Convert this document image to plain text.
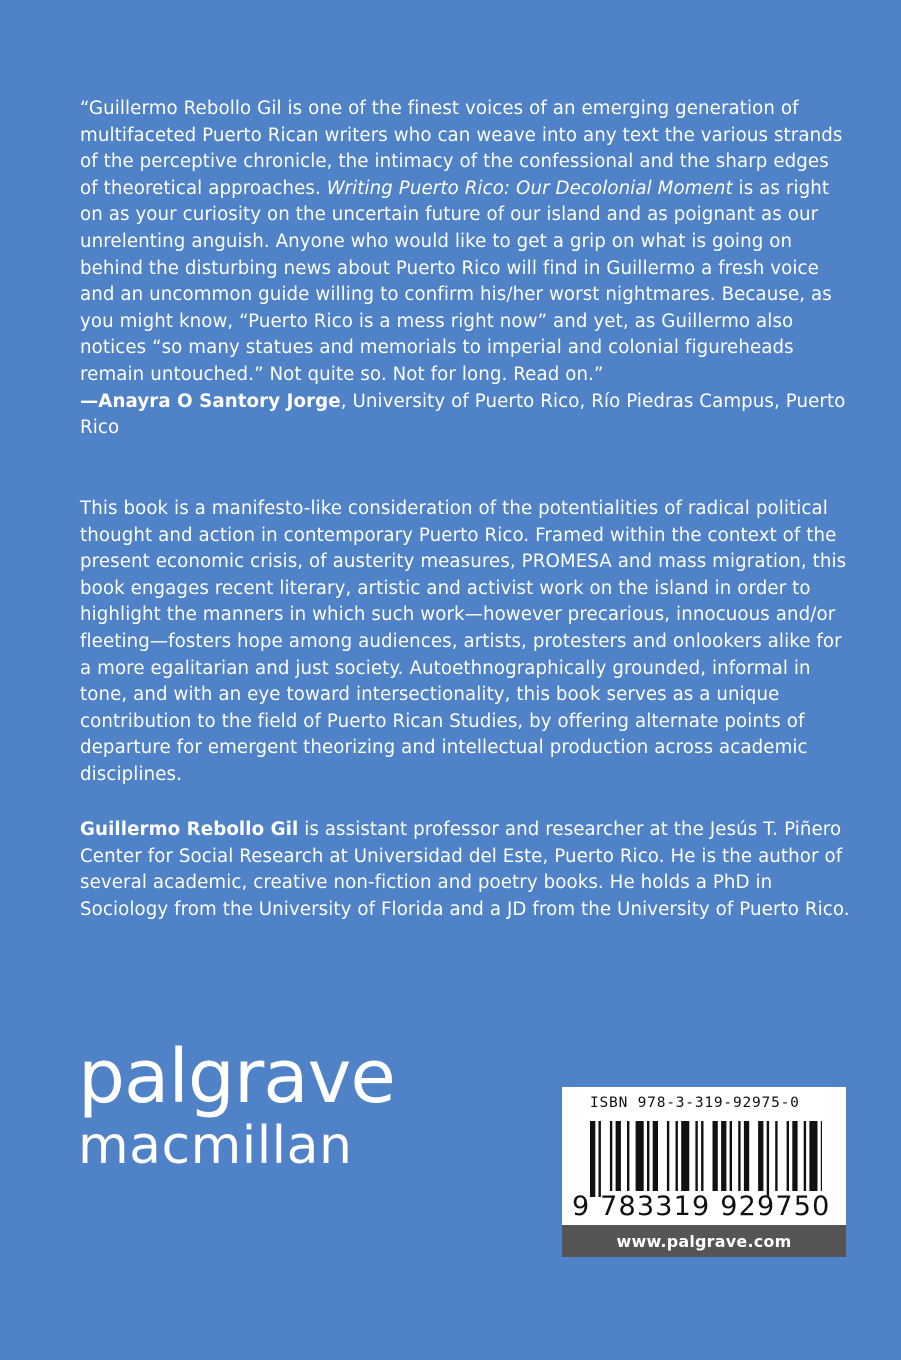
“Guillermo Rebollo Gil is one of the finest voices of an emerging generation of multifaceted Puerto Rican writers who can weave into any text the various strands of the perceptive chronicle, the intimacy of the confessional and the sharp edges of theoretical approaches. Writing Puerto Rico: Our Decolonial Moment is as right on as your curiosity on the uncertain future of our island and as poignant as our unrelenting anguish. Anyone who would like to get a grip on what is going on behind the disturbing news about Puerto Rico will find in Guillermo a fresh voice and an uncommon guide willing to confirm his/her worst nightmares. Because, as you might know, “Puerto Rico is a mess right now” and yet, as Guillermo also notices “so many statues and memorials to imperial and colonial figureheads remain untouched.” Not quite so. Not for long. Read on.”
—Anayra O Santory Jorge, University of Puerto Rico, Río Piedras Campus, Puerto Rico

This book is a manifesto-like consideration of the potentialities of radical political thought and action in contemporary Puerto Rico. Framed within the context of the present economic crisis, of austerity measures, PROMESA and mass migration, this book engages recent literary, artistic and activist work on the island in order to highlight the manners in which such work—however precarious, innocuous and/or fleeting—fosters hope among audiences, artists, protesters and onlookers alike for a more egalitarian and just society. Autoethnographically grounded, informal in tone, and with an eye toward intersectionality, this book serves as a unique contribution to the field of Puerto Rican Studies, by offering alternate points of departure for emergent theorizing and intellectual production across academic disciplines.

Guillermo Rebollo Gil is assistant professor and researcher at the Jesús T. Piñero Center for Social Research at Universidad del Este, Puerto Rico. He is the author of several academic, creative non-fiction and poetry books. He holds a PhD in Sociology from the University of Florida and a JD from the University of Puerto Rico.

palgrave
macmillan
ISBN 978-3-319-92975-0
9 783319 929750
www.palgrave.com
